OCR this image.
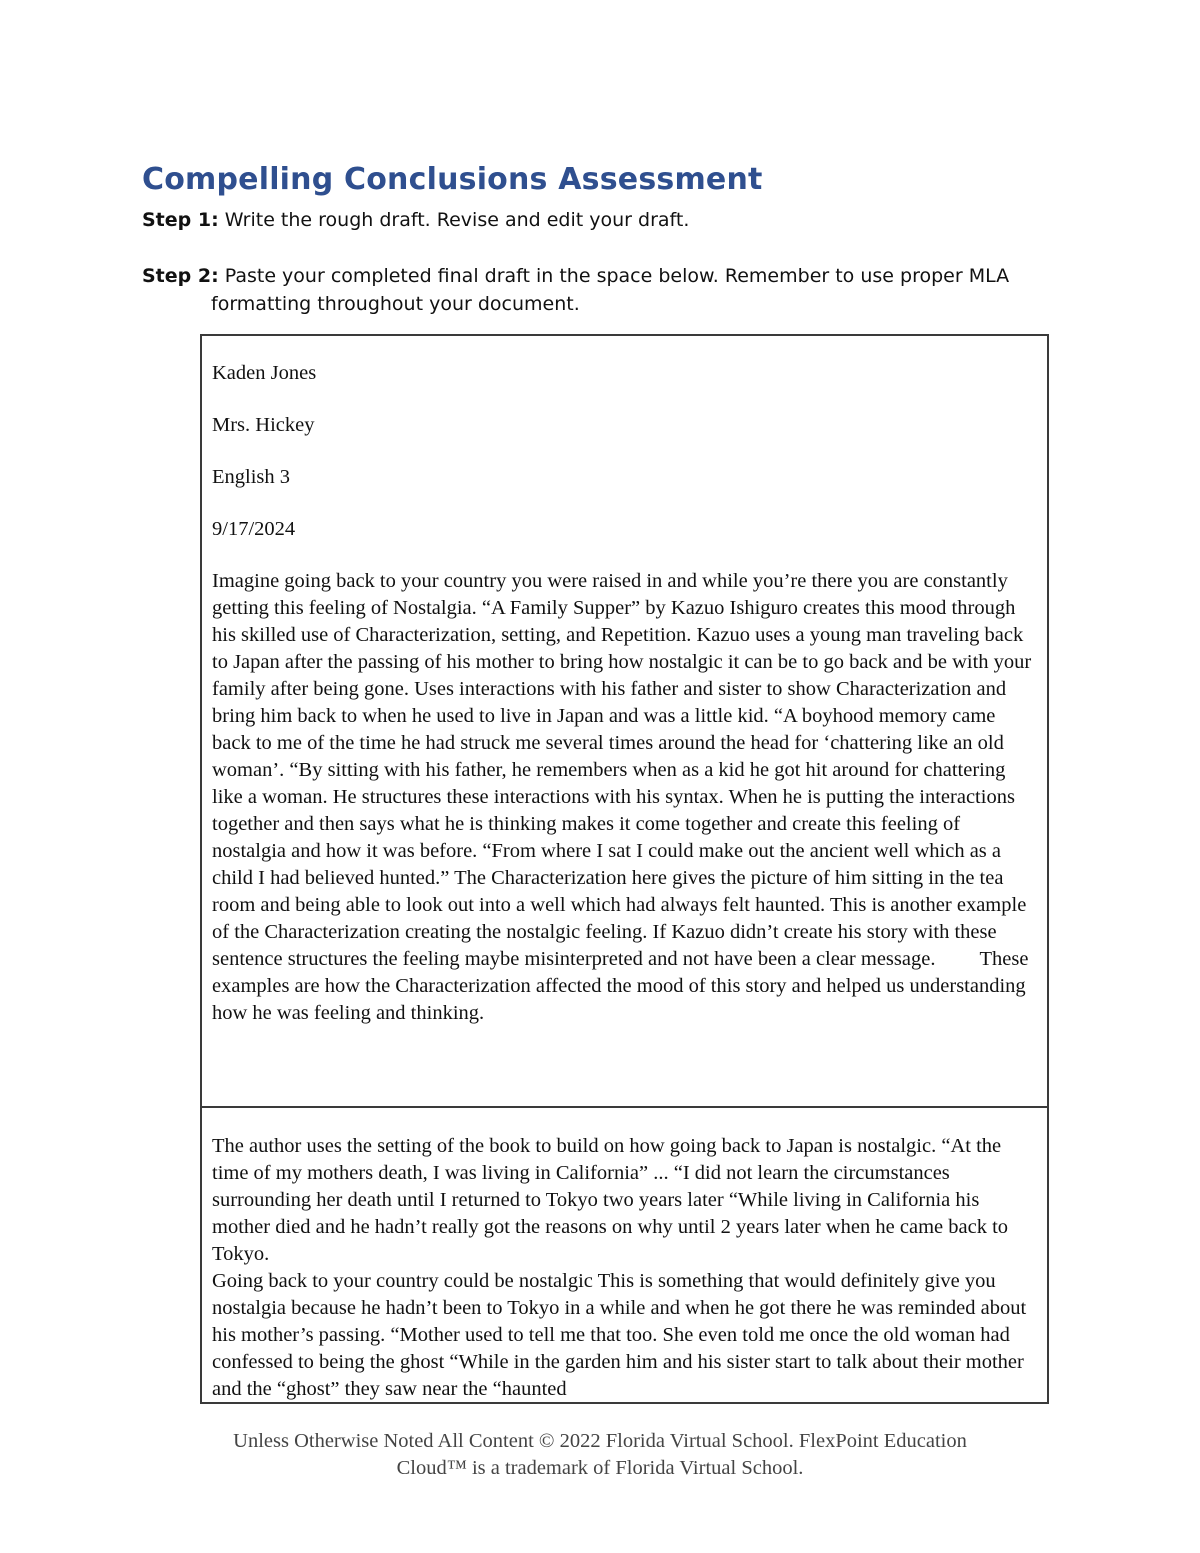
Compelling Conclusions Assessment
Step 1: Write the rough draft. Revise and edit your draft.
Step 2: Paste your completed final draft in the space below. Remember to use proper MLA
formatting throughout your document.

Kaden Jones

Mrs. Hickey

English 3

9/17/2024

Imagine going back to your country you were raised in and while you’re there you are constantly getting this feeling of Nostalgia. “A Family Supper” by Kazuo Ishiguro creates this mood through his skilled use of Characterization, setting, and Repetition. Kazuo uses a young man traveling back to Japan after the passing of his mother to bring how nostalgic it can be to go back and be with your family after being gone. Uses interactions with his father and sister to show Characterization and bring him back to when he used to live in Japan and was a little kid. “A boyhood memory came back to me of the time he had struck me several times around the head for ‘chattering like an old woman’. “By sitting with his father, he remembers when as a kid he got hit around for chattering like a woman. He structures these interactions with his syntax. When he is putting the interactions together and then says what he is thinking makes it come together and create this feeling of nostalgia and how it was before. “From where I sat I could make out the ancient well which as a child I had believed hunted.” The Characterization here gives the picture of him sitting in the tea room and being able to look out into a well which had always felt haunted. This is another example of the Characterization creating the nostalgic feeling. If Kazuo didn’t create his story with these sentence structures the feeling maybe misinterpreted and not have been a clear message. These examples are how the Characterization affected the mood of this story and helped us understanding how he was feeling and thinking.

The author uses the setting of the book to build on how going back to Japan is nostalgic. “At the time of my mothers death, I was living in California” ... “I did not learn the circumstances surrounding her death until I returned to Tokyo two years later “While living in California his mother died and he hadn’t really got the reasons on why until 2 years later when he came back to Tokyo.

Going back to your country could be nostalgic This is something that would definitely give you nostalgia because he hadn’t been to Tokyo in a while and when he got there he was reminded about his mother’s passing. “Mother used to tell me that too. She even told me once the old woman had confessed to being the ghost “While in the garden him and his sister start to talk about their mother and the “ghost” they saw near the “haunted

Unless Otherwise Noted All Content © 2022 Florida Virtual School. FlexPoint Education
Cloud™ is a trademark of Florida Virtual School.
